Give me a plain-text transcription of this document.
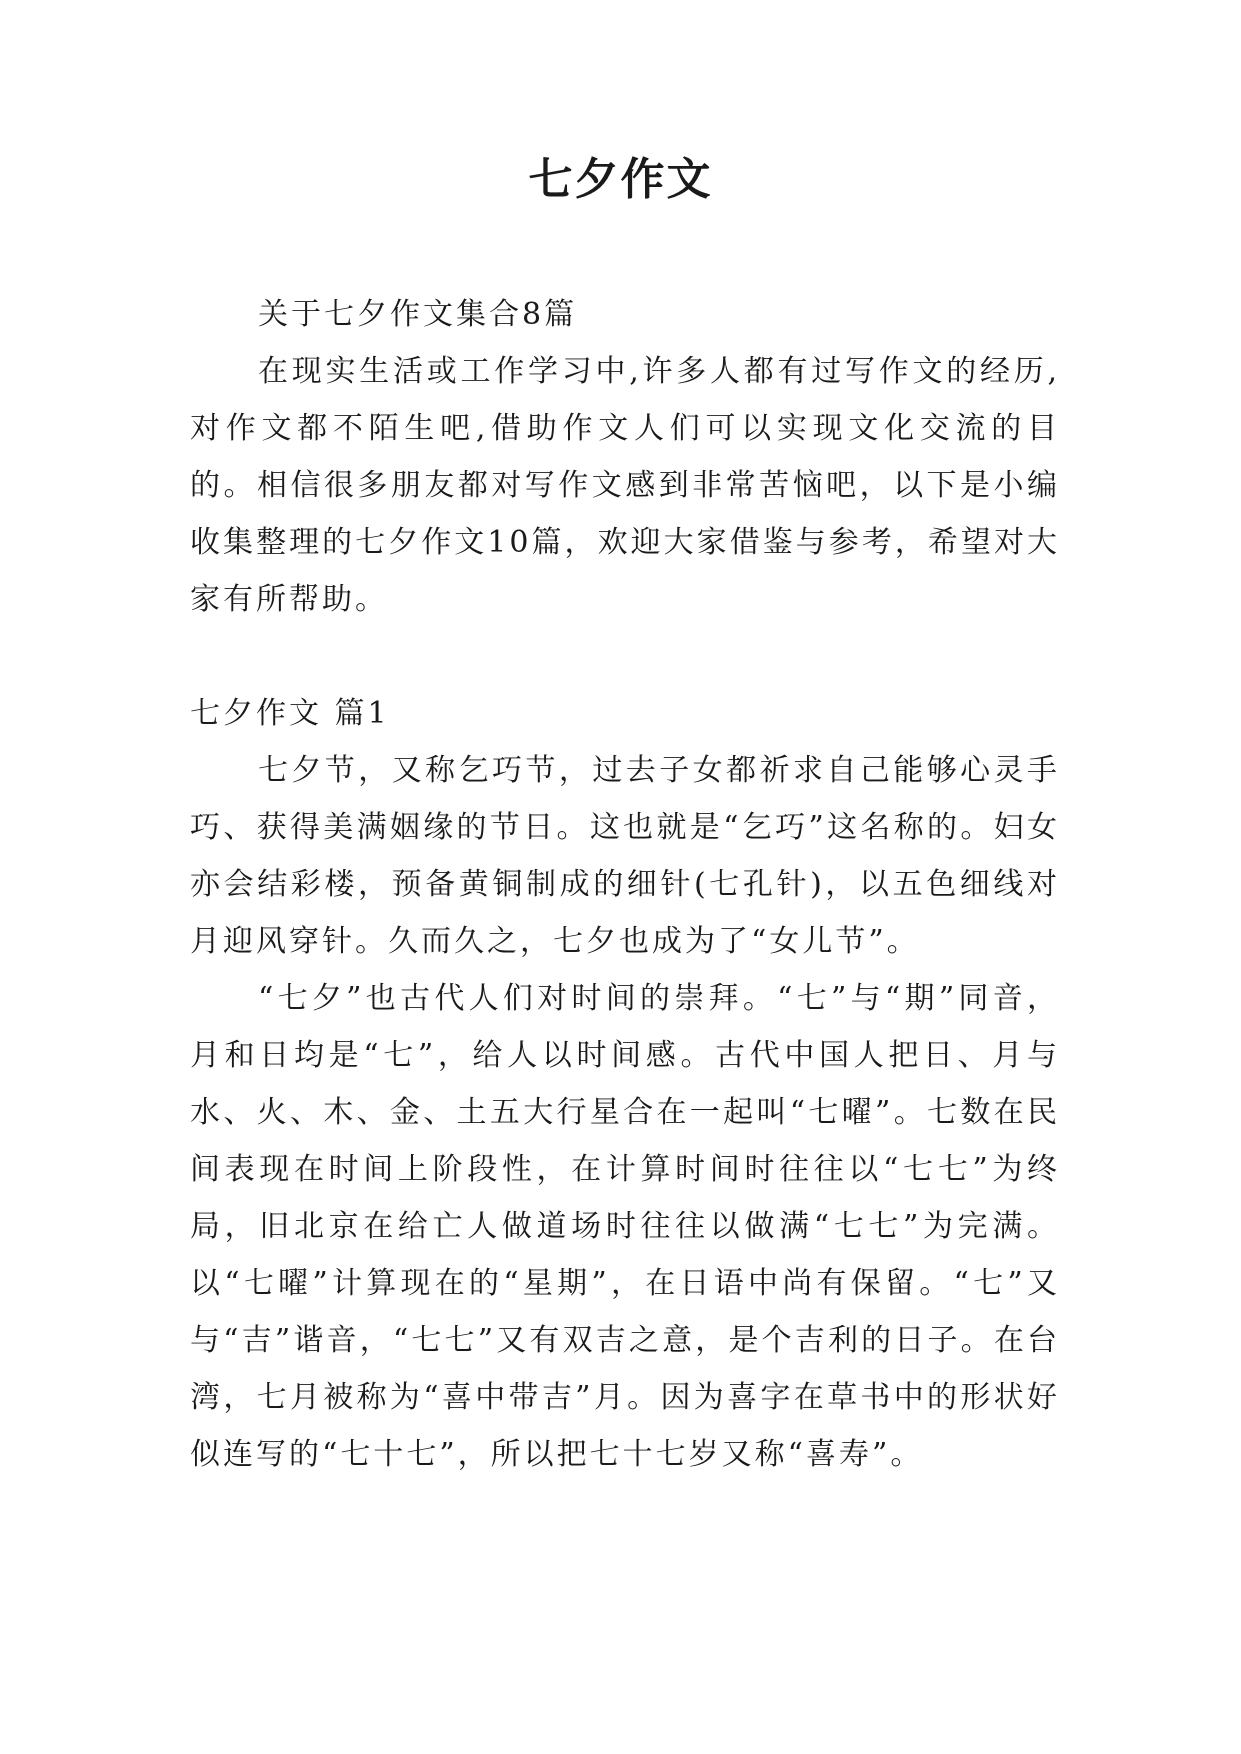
七夕作文

关于七夕作文集合8篇

在现实生活或工作学习中,许多人都有过写作文的经历,对作文都不陌生吧,借助作文人们可以实现文化交流的目的。相信很多朋友都对写作文感到非常苦恼吧，以下是小编收集整理的七夕作文10篇，欢迎大家借鉴与参考，希望对大家有所帮助。

七夕作文 篇1

七夕节，又称乞巧节，过去子女都祈求自己能够心灵手巧、获得美满姻缘的节日。这也就是“乞巧”这名称的。妇女亦会结彩楼，预备黄铜制成的细针(七孔针)，以五色细线对月迎风穿针。久而久之，七夕也成为了“女儿节”。

“七夕”也古代人们对时间的崇拜。“七”与“期”同音，月和日均是“七”，给人以时间感。古代中国人把日、月与水、火、木、金、土五大行星合在一起叫“七曜”。七数在民间表现在时间上阶段性，在计算时间时往往以“七七”为终局，旧北京在给亡人做道场时往往以做满“七七”为完满。以“七曜”计算现在的“星期”，在日语中尚有保留。“七”又与“吉”谐音，“七七”又有双吉之意，是个吉利的日子。在台湾，七月被称为“喜中带吉”月。因为喜字在草书中的形状好似连写的“七十七”，所以把七十七岁又称“喜寿”。
